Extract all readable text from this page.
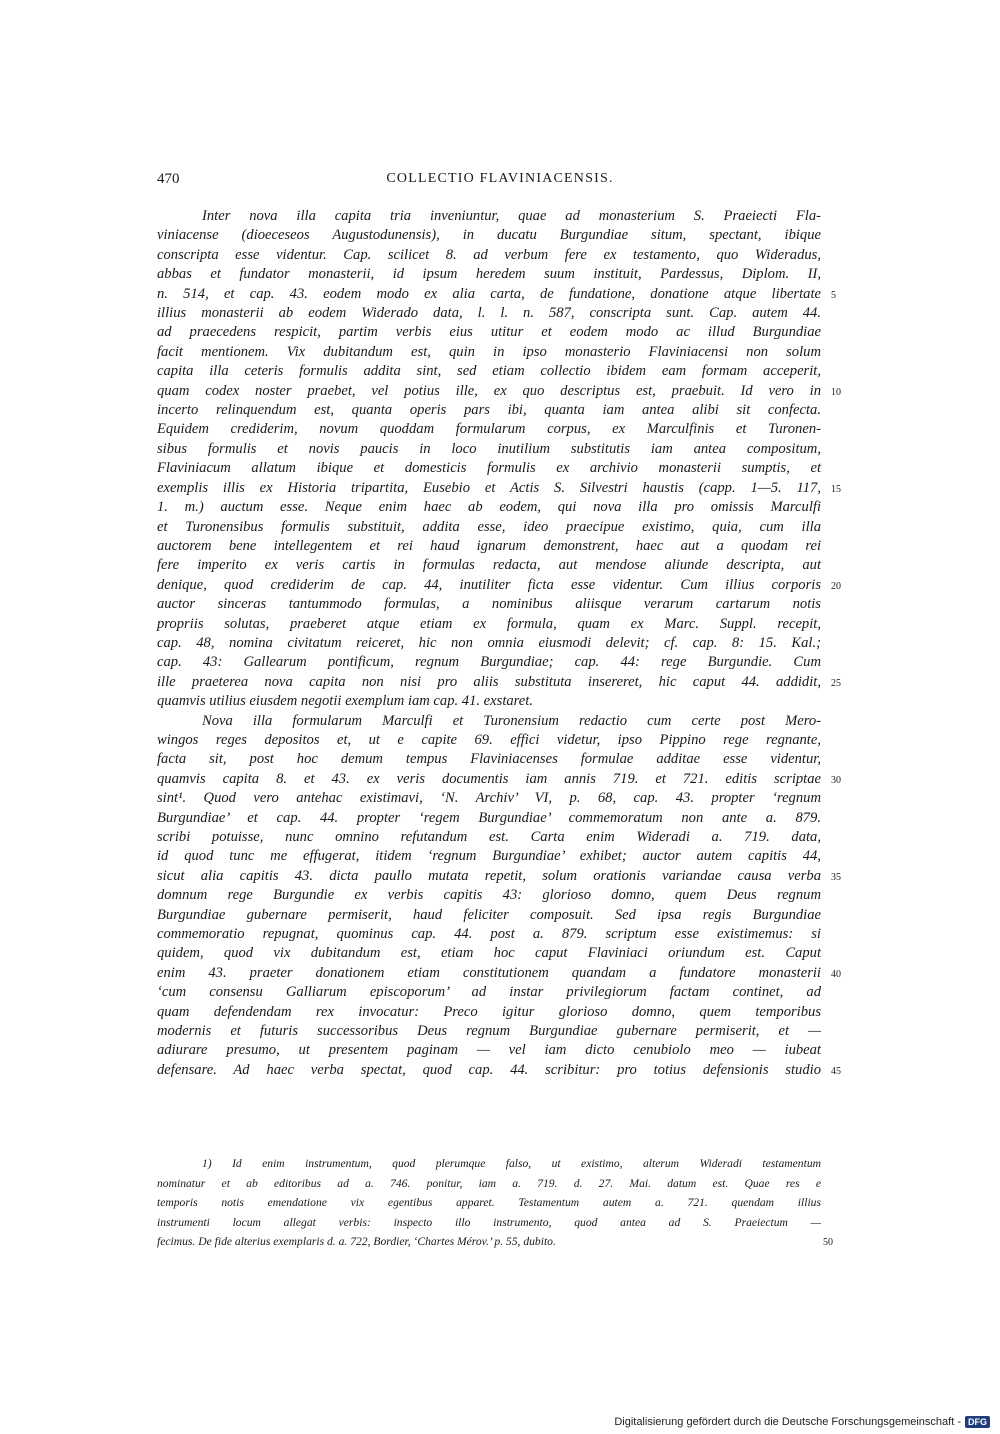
470	COLLECTIO FLAVINIACENSIS.
Inter nova illa capita tria inveniuntur, quae ad monasterium S. Praeiecti Fla-
viniacense (dioeceseos Augustodunensis), in ducatu Burgundiae situm, spectant, ibique
conscripta esse videntur. Cap. scilicet 8. ad verbum fere ex testamento, quo Wideradus,
abbas et fundator monasterii, id ipsum heredem suum instituit, Pardessus, Diplom. II,
n. 514, et cap. 43. eodem modo ex alia carta, de fundatione, donatione atque libertate 5
illius monasterii ab eodem Widerado data, l. l. n. 587, conscripta sunt. Cap. autem 44.
ad praecedens respicit, partim verbis eius utitur et eodem modo ac illud Burgundiae
facit mentionem. Vix dubitandum est, quin in ipso monasterio Flaviniacensi non solum
capita illa ceteris formulis addita sint, sed etiam collectio ibidem eam formam acceperit,
quam codex noster praebet, vel potius ille, ex quo descriptus est, praebuit. Id vero in 10
incerto relinquendum est, quanta operis pars ibi, quanta iam antea alibi sit confecta.
Equidem crediderim, novum quoddam formularum corpus, ex Marculfinis et Turonen-
sibus formulis et novis paucis in loco inutilium substitutis iam antea compositum,
Flaviniacum allatum ibique et domesticis formulis ex archivio monasterii sumptis, et
exemplis illis ex Historia tripartita, Eusebio et Actis S. Silvestri haustis (capp. 1—5. 117, 15
1. m.) auctum esse. Neque enim haec ab eodem, qui nova illa pro omissis Marculfi
et Turonensibus formulis substituit, addita esse, ideo praecipue existimo, quia, cum illa
auctorem bene intellegentem et rei haud ignarum demonstrent, haec aut a quodam rei
fere imperito ex veris cartis in formulas redacta, aut mendose aliunde descripta, aut
denique, quod crediderim de cap. 44, inutiliter ficta esse videntur. Cum illius corporis 20
auctor sinceras tantummodo formulas, a nominibus aliisque verarum cartarum notis
propriis solutas, praeberet atque etiam ex formula, quam ex Marc. Suppl. recepit,
cap. 48, nomina civitatum reiceret, hic non omnia eiusmodi delevit; cf. cap. 8: 15. Kal.;
cap. 43: Gallearum pontificum, regnum Burgundiae; cap. 44: rege Burgundie. Cum
ille praeterea nova capita non nisi pro aliis substituta insereret, hic caput 44. addidit, 25
quamvis utilius eiusdem negotii exemplum iam cap. 41. exstaret.
Nova illa formularum Marculfi et Turonensium redactio cum certe post Mero-
wingos reges depositos et, ut e capite 69. effici videtur, ipso Pippino rege regnante,
facta sit, post hoc demum tempus Flaviniacenses formulae additae esse videntur,
quamvis capita 8. et 43. ex veris documentis iam annis 719. et 721. editis scriptae 30
sint¹. Quod vero antehac existimavi, ‘N. Archiv’ VI, p. 68, cap. 43. propter ‘regnum
Burgundiae’ et cap. 44. propter ‘regem Burgundiae’ commemoratum non ante a. 879.
scribi potuisse, nunc omnino refutandum est. Carta enim Wideradi a. 719. data,
id quod tunc me effugerat, itidem ‘regnum Burgundiae’ exhibet; auctor autem capitis 44,
sicut alia capitis 43. dicta paullo mutata repetit, solum orationis variandae causa verba 35
domnum rege Burgundie ex verbis capitis 43: glorioso domno, quem Deus regnum
Burgundiae gubernare permiserit, haud feliciter composuit. Sed ipsa regis Burgundiae
commemoratio repugnat, quominus cap. 44. post a. 879. scriptum esse existimemus: si
quidem, quod vix dubitandum est, etiam hoc caput Flaviniaci oriundum est. Caput
enim 43. praeter donationem etiam constitutionem quandam a fundatore monasterii 40
‘cum consensu Galliarum episcoporum’ ad instar privilegiorum factam continet, ad
quam defendendam rex invocatur: Preco igitur glorioso domno, quem temporibus
modernis et futuris successoribus Deus regnum Burgundiae gubernare permiserit, et —
adiurare presumo, ut presentem paginam — vel iam dicto cenubiolo meo — iubeat
defensare. Ad haec verba spectat, quod cap. 44. scribitur: pro totius defensionis studio 45
1) Id enim instrumentum, quod plerumque falso, ut existimo, alterum Wideradi testamentum
nominatur et ab editoribus ad a. 746. ponitur, iam a. 719. d. 27. Mai. datum est. Quae res e
temporis notis emendatione vix egentibus apparet. Testamentum autem a. 721. quendam illius
instrumenti locum allegat verbis: inspecto illo instrumento, quod antea ad S. Praeiectum —
fecimus. De fide alterius exemplaris d. a. 722, Bordier, ‘Chartes Mérov.’ p. 55, dubito.	50
Digitalisierung gefördert durch die Deutsche Forschungsgemeinschaft - DFG
